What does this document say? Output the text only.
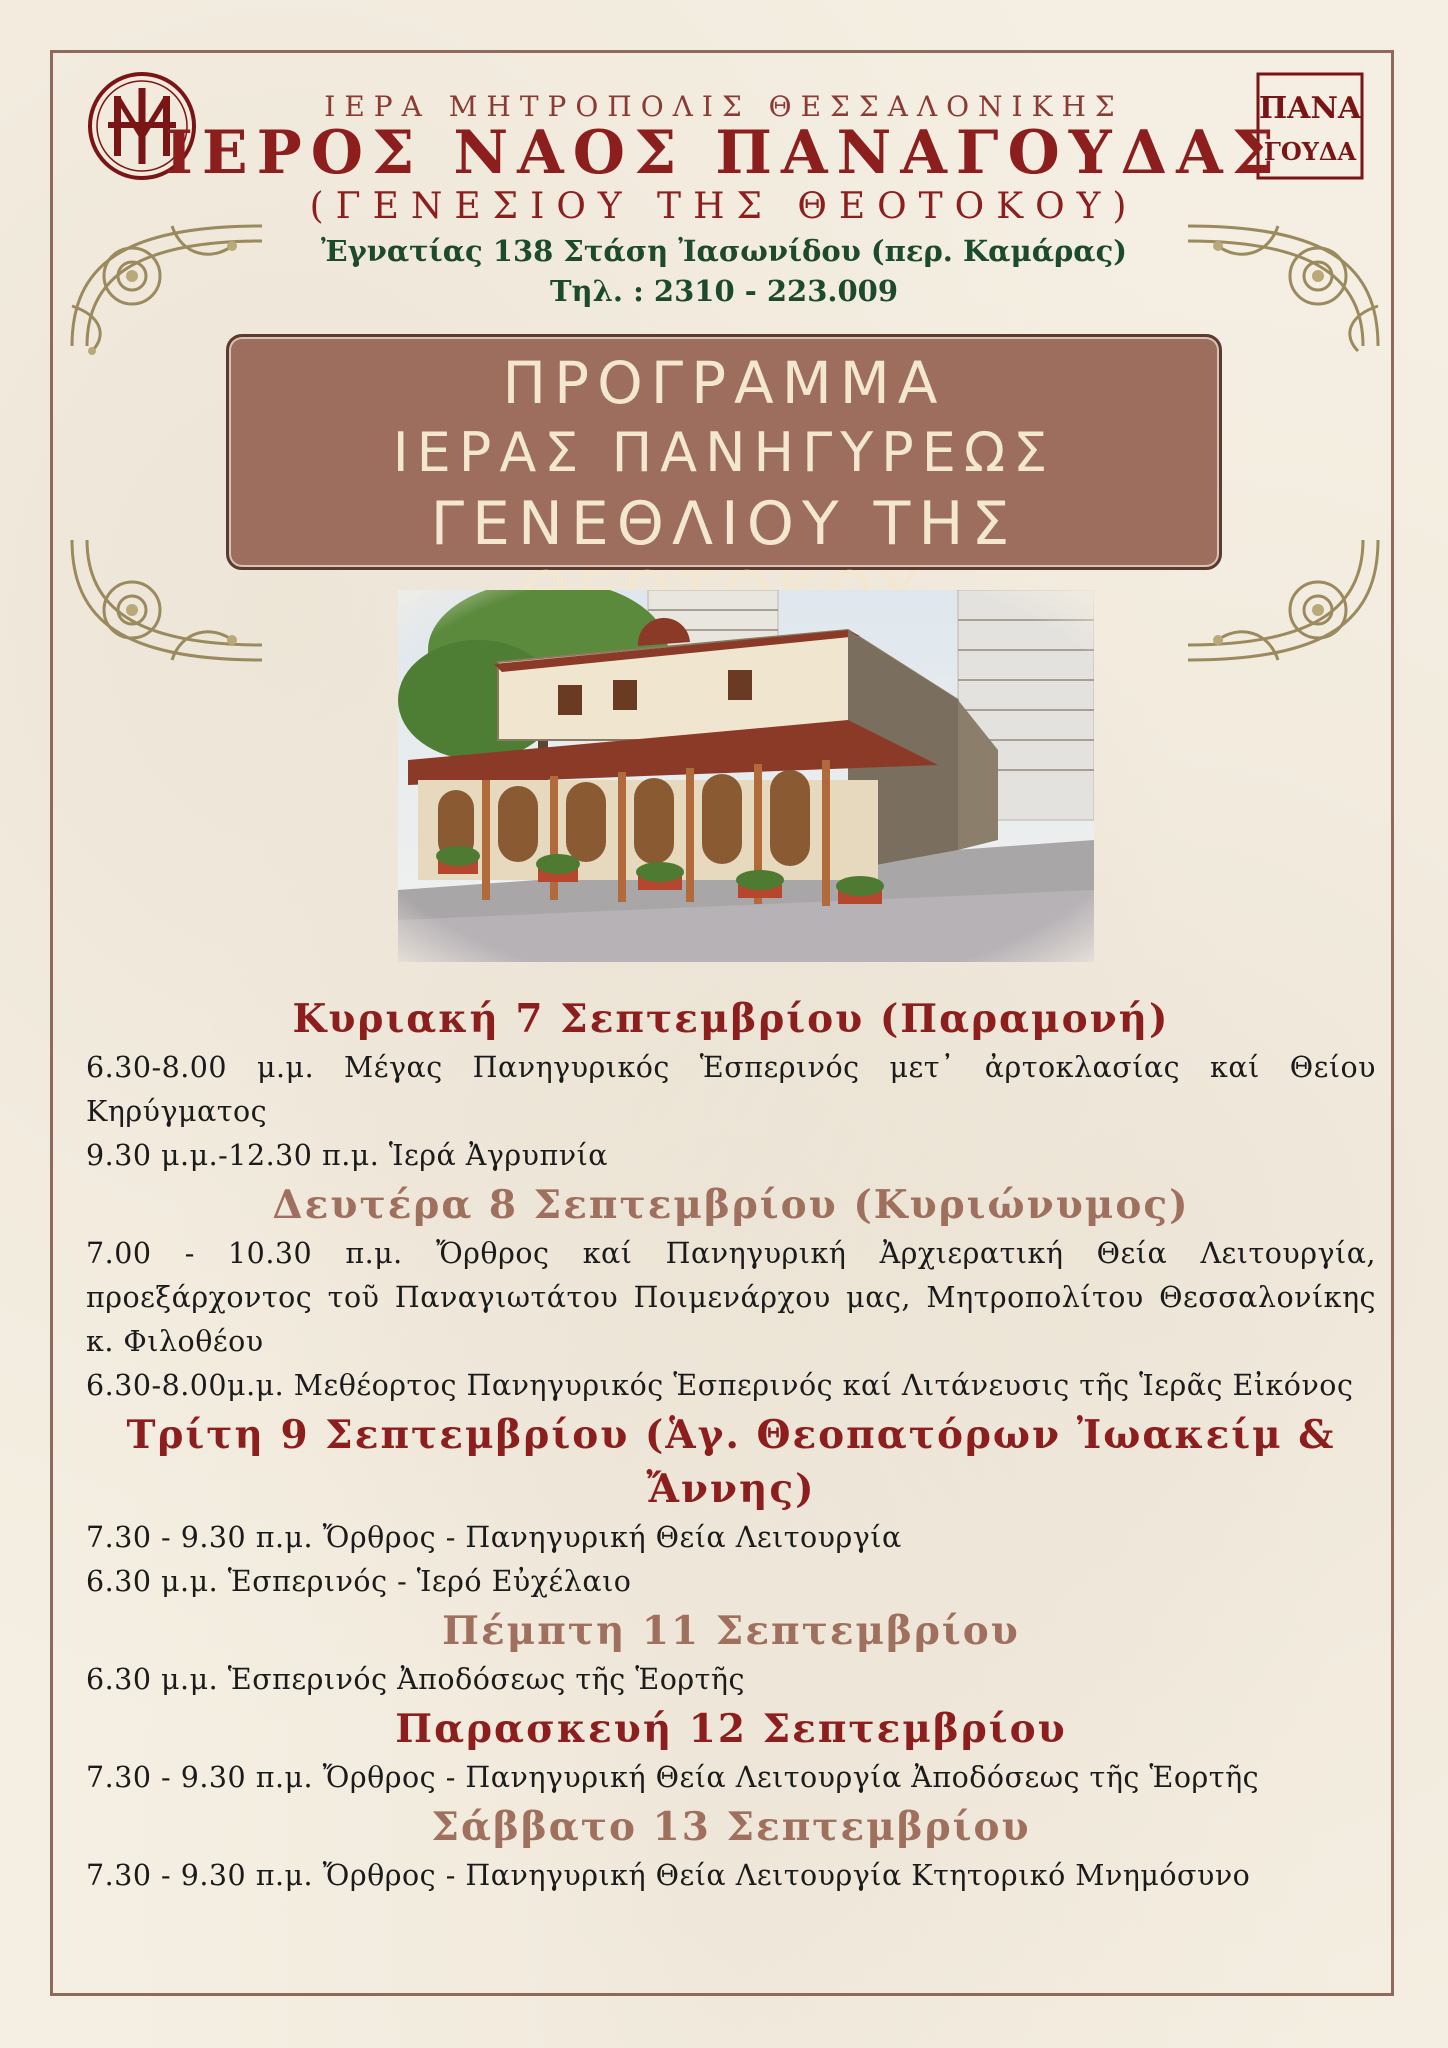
ΠΑΝΑ
ΓΟΥΔΑ
ΙΕΡΑ ΜΗΤΡΟΠΟΛΙΣ ΘΕΣΣΑΛΟΝΙΚΗΣ
ΙΕΡΟΣ ΝΑΟΣ ΠΑΝΑΓΟΥΔΑΣ
(ΓΕΝΕΣΙΟΥ ΤΗΣ ΘΕΟΤΟΚΟΥ)
Ἐγνατίας 138 Στάση Ἰασωνίδου (περ. Καμάρας)
Τηλ. : 2310 - 223.009
ΠΡΟΓΡΑΜΜΑ
ΙΕΡΑΣ ΠΑΝΗΓΥΡΕΩΣ
ΓΕΝΕΘΛΙΟΥ ΤΗΣ

Κυριακή 7 Σεπτεμβρίου (Παραμονή)

6.30-8.00 μ.μ. Μέγας Πανηγυρικός Ἑσπερινός μετ᾽ ἀρτοκλασίας καί Θείου Κηρύγματος

9.30 μ.μ.-12.30 π.μ. Ἱερά Ἀγρυπνία

Δευτέρα 8 Σεπτεμβρίου (Κυριώνυμος)

7.00 - 10.30 π.μ. Ὄρθρος καί Πανηγυρική Ἀρχιερατική Θεία Λειτουργία, προεξάρχοντος τοῦ Παναγιωτάτου Ποιμενάρχου μας, Μητροπολίτου Θεσσαλονίκης κ. Φιλοθέου

6.30-8.00μ.μ. Μεθέορτος Πανηγυρικός Ἑσπερινός καί Λιτάνευσις τῆς Ἱερᾶς Εἰκόνος

Τρίτη 9 Σεπτεμβρίου (Ἁγ. Θεοπατόρων Ἰωακείμ & Ἄννης)

7.30 - 9.30 π.μ. Ὄρθρος - Πανηγυρική Θεία Λειτουργία

6.30 μ.μ. Ἑσπερινός - Ἱερό Εὐχέλαιο

Πέμπτη 11 Σεπτεμβρίου

6.30 μ.μ. Ἑσπερινός Ἀποδόσεως τῆς Ἑορτῆς

Παρασκευή 12 Σεπτεμβρίου

7.30 - 9.30 π.μ. Ὄρθρος - Πανηγυρική Θεία Λειτουργία Ἀποδόσεως τῆς Ἑορτῆς

Σάββατο 13 Σεπτεμβρίου

7.30 - 9.30 π.μ. Ὄρθρος - Πανηγυρική Θεία Λειτουργία Κτητορικό Μνημόσυνο
